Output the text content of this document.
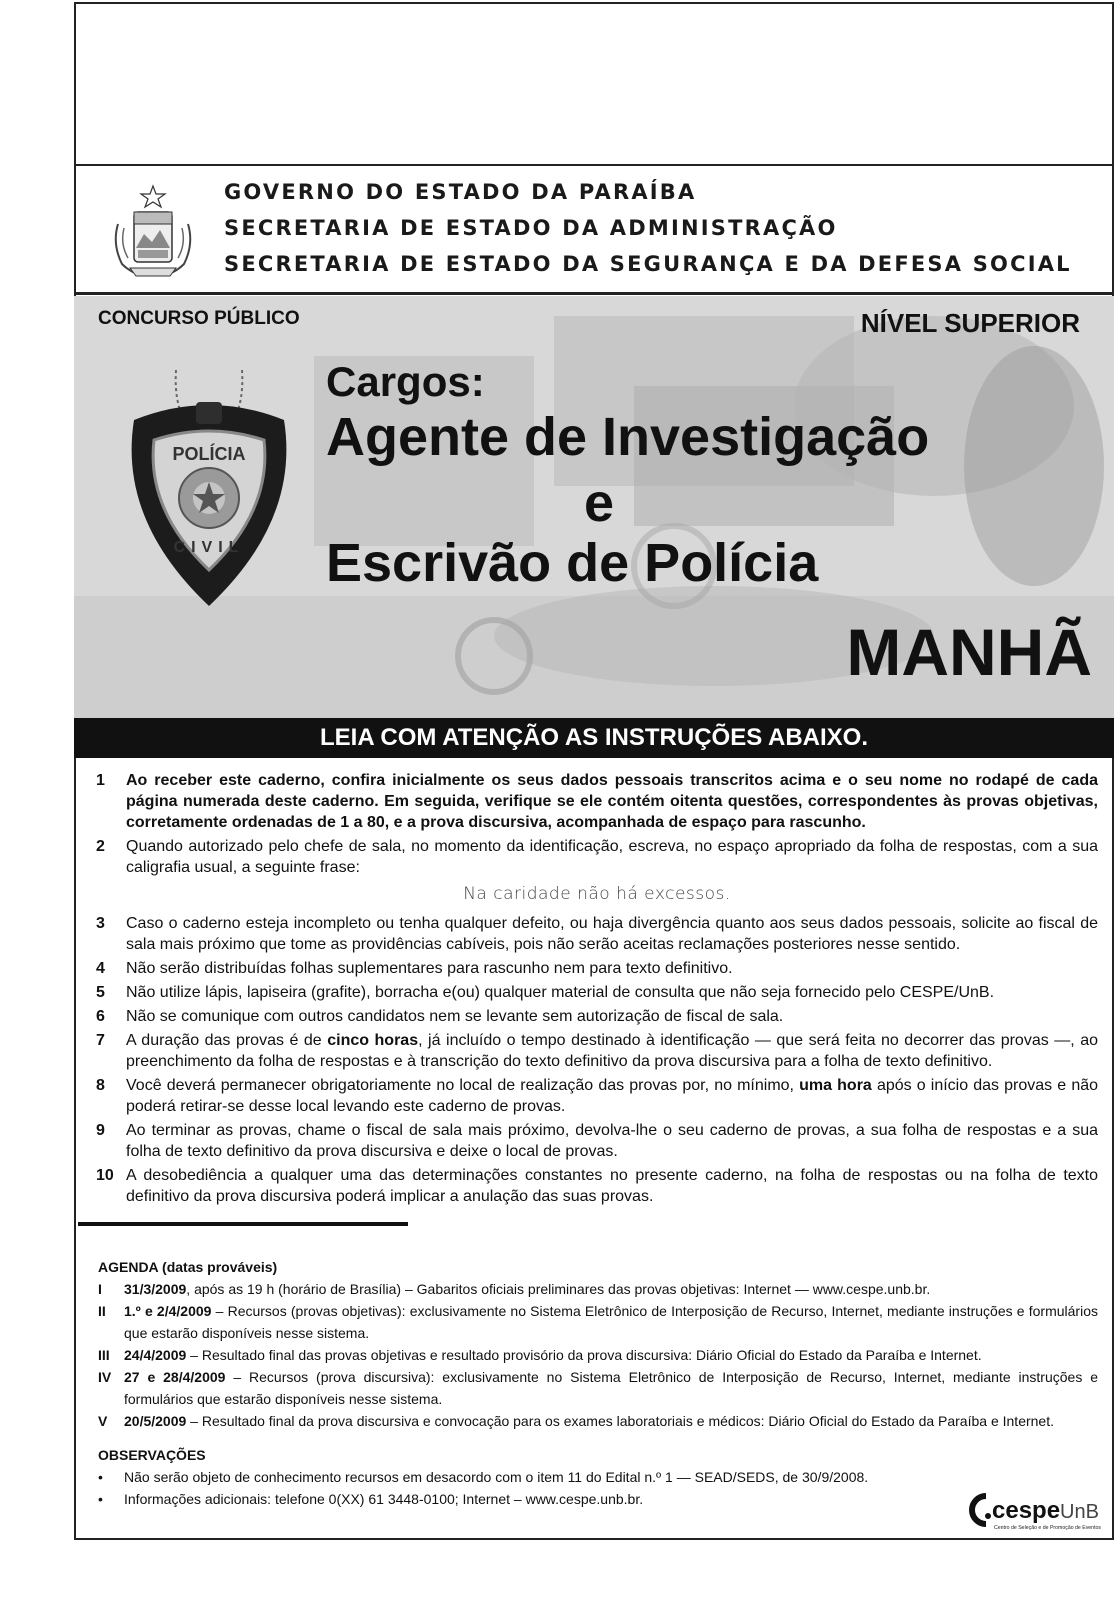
GOVERNO DO ESTADO DA PARAÍBA
SECRETARIA DE ESTADO DA ADMINISTRAÇÃO
SECRETARIA DE ESTADO DA SEGURANÇA E DA DEFESA SOCIAL
POLÍCIA
CIVIL
CONCURSO PÚBLICO	NÍVEL SUPERIOR
Cargos:
Agente de Investigação
e
Escrivão de Polícia
MANHÃ
LEIA COM ATENÇÃO AS INSTRUÇÕES ABAIXO.
1	Ao receber este caderno, confira inicialmente os seus dados pessoais transcritos acima e o seu nome no rodapé de cada página numerada deste caderno. Em seguida, verifique se ele contém oitenta questões, correspondentes às provas objetivas, corretamente ordenadas de 1 a 80, e a prova discursiva, acompanhada de espaço para rascunho.
2	Quando autorizado pelo chefe de sala, no momento da identificação, escreva, no espaço apropriado da folha de respostas, com a sua caligrafia usual, a seguinte frase:
Na caridade não há excessos.
3	Caso o caderno esteja incompleto ou tenha qualquer defeito, ou haja divergência quanto aos seus dados pessoais, solicite ao fiscal de sala mais próximo que tome as providências cabíveis, pois não serão aceitas reclamações posteriores nesse sentido.
4	Não serão distribuídas folhas suplementares para rascunho nem para texto definitivo.
5	Não utilize lápis, lapiseira (grafite), borracha e(ou) qualquer material de consulta que não seja fornecido pelo CESPE/UnB.
6	Não se comunique com outros candidatos nem se levante sem autorização de fiscal de sala.
7	A duração das provas é de cinco horas, já incluído o tempo destinado à identificação — que será feita no decorrer das provas —, ao preenchimento da folha de respostas e à transcrição do texto definitivo da prova discursiva para a folha de texto definitivo.
8	Você deverá permanecer obrigatoriamente no local de realização das provas por, no mínimo, uma hora após o início das provas e não poderá retirar-se desse local levando este caderno de provas.
9	Ao terminar as provas, chame o fiscal de sala mais próximo, devolva-lhe o seu caderno de provas, a sua folha de respostas e a sua folha de texto definitivo da prova discursiva e deixe o local de provas.
10 A desobediência a qualquer uma das determinações constantes no presente caderno, na folha de respostas ou na folha de texto definitivo da prova discursiva poderá implicar a anulação das suas provas.
AGENDA (datas prováveis)
I	31/3/2009, após as 19 h (horário de Brasília) – Gabaritos oficiais preliminares das provas objetivas: Internet — www.cespe.unb.br.
II	1.º e 2/4/2009 – Recursos (provas objetivas): exclusivamente no Sistema Eletrônico de Interposição de Recurso, Internet, mediante instruções e formulários que estarão disponíveis nesse sistema.
III	24/4/2009 – Resultado final das provas objetivas e resultado provisório da prova discursiva: Diário Oficial do Estado da Paraíba e Internet.
IV 27 e 28/4/2009 – Recursos (prova discursiva): exclusivamente no Sistema Eletrônico de Interposição de Recurso, Internet, mediante instruções e formulários que estarão disponíveis nesse sistema.
V	20/5/2009 – Resultado final da prova discursiva e convocação para os exames laboratoriais e médicos: Diário Oficial do Estado da Paraíba e Internet.
OBSERVAÇÕES
•	Não serão objeto de conhecimento recursos em desacordo com o item 11 do Edital n.º 1 — SEAD/SEDS, de 30/9/2008.
•	Informações adicionais: telefone 0(XX) 61 3448-0100; Internet – www.cespe.unb.br.	cespe UnB
Centro de Seleção e de Promoção de Eventos
